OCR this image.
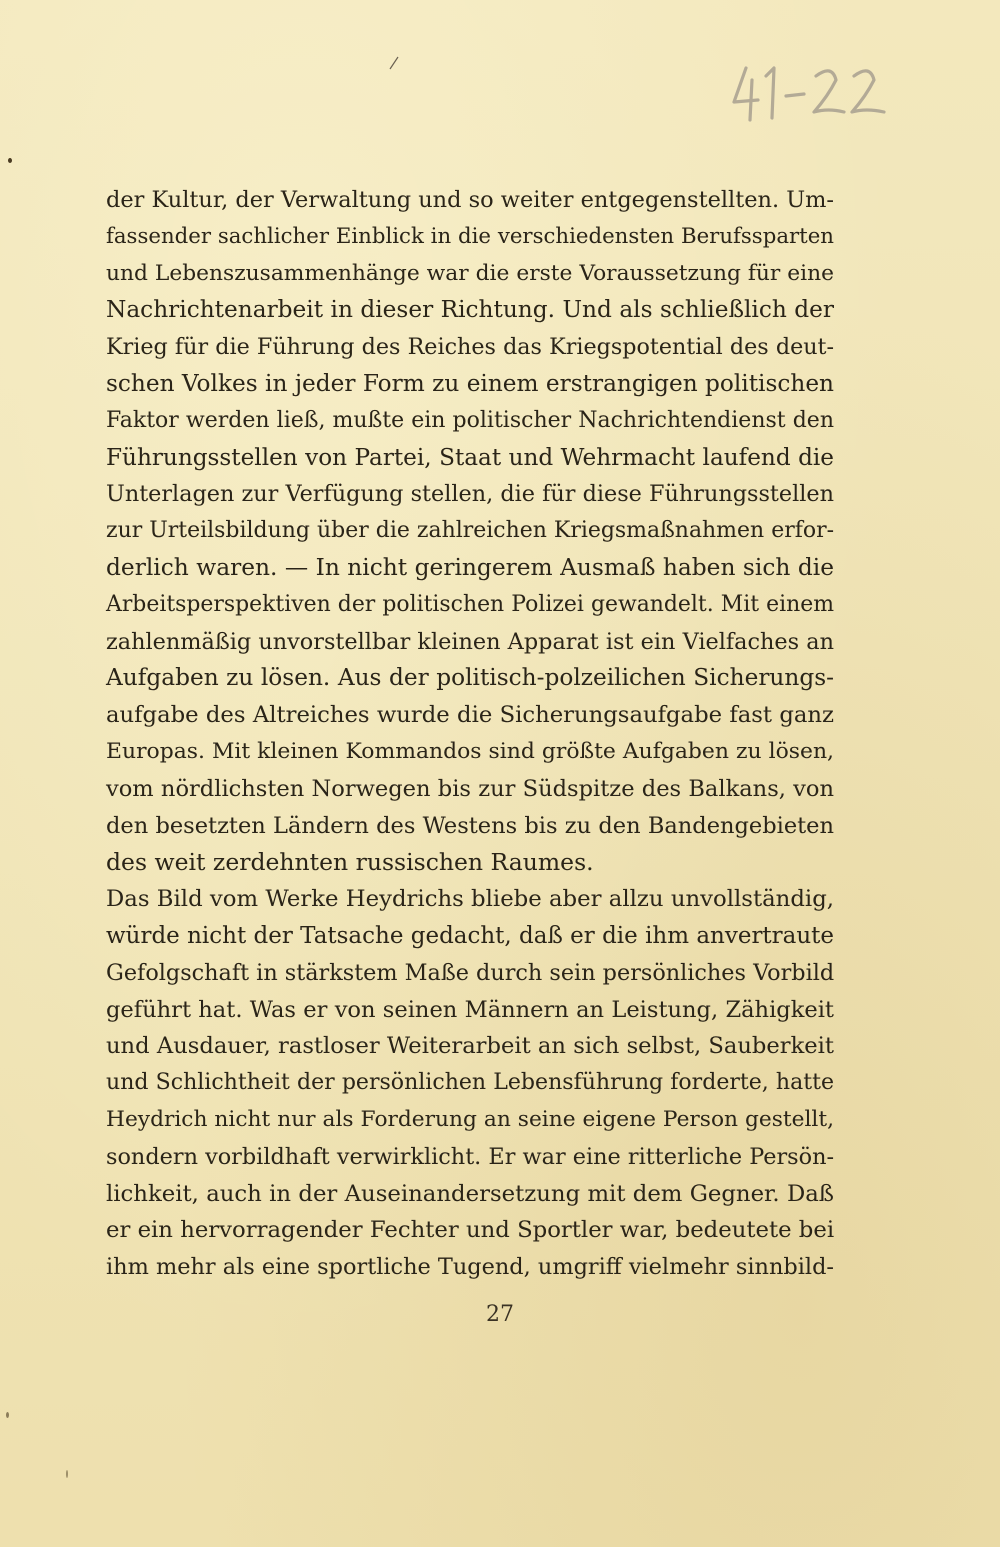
der Kultur, der Verwaltung und so weiter entgegenstellten. Um-
fassender sachlicher Einblick in die verschiedensten Berufssparten
und Lebenszusammenhänge war die erste Voraussetzung für eine
Nachrichtenarbeit in dieser Richtung. Und als schließlich der
Krieg für die Führung des Reiches das Kriegspotential des deut-
schen Volkes in jeder Form zu einem erstrangigen politischen
Faktor werden ließ, mußte ein politischer Nachrichtendienst den
Führungsstellen von Partei, Staat und Wehrmacht laufend die
Unterlagen zur Verfügung stellen, die für diese Führungsstellen
zur Urteilsbildung über die zahlreichen Kriegsmaßnahmen erfor-
derlich waren. — In nicht geringerem Ausmaß haben sich die
Arbeitsperspektiven der politischen Polizei gewandelt. Mit einem
zahlenmäßig unvorstellbar kleinen Apparat ist ein Vielfaches an
Aufgaben zu lösen. Aus der politisch-polzeilichen Sicherungs-
aufgabe des Altreiches wurde die Sicherungsaufgabe fast ganz
Europas. Mit kleinen Kommandos sind größte Aufgaben zu lösen,
vom nördlichsten Norwegen bis zur Südspitze des Balkans, von
den besetzten Ländern des Westens bis zu den Bandengebieten
des weit zerdehnten russischen Raumes.
Das Bild vom Werke Heydrichs bliebe aber allzu unvollständig,
würde nicht der Tatsache gedacht, daß er die ihm anvertraute
Gefolgschaft in stärkstem Maße durch sein persönliches Vorbild
geführt hat. Was er von seinen Männern an Leistung, Zähigkeit
und Ausdauer, rastloser Weiterarbeit an sich selbst, Sauberkeit
und Schlichtheit der persönlichen Lebensführung forderte, hatte
Heydrich nicht nur als Forderung an seine eigene Person gestellt,
sondern vorbildhaft verwirklicht. Er war eine ritterliche Persön-
lichkeit, auch in der Auseinandersetzung mit dem Gegner. Daß
er ein hervorragender Fechter und Sportler war, bedeutete bei
ihm mehr als eine sportliche Tugend, umgriff vielmehr sinnbild-
27
